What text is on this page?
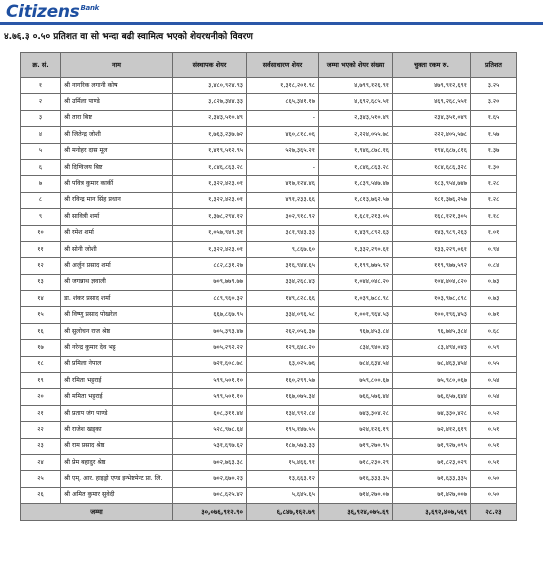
Citizens$^{Bank}$
४.७६.३ ०.५० प्रतिशत वा सो भन्दा बढी स्वामित्व भएको शेयरधनीको विवरण
क्र. सं.	नाम	संस्थापक शेयर	सर्वसाधारण शेयर	जम्मा भएको शेयर संख्या	चुक्ता रकम रु.	प्रतिशत
१	श्री नागरिक लगानी कोष	३,४८०,९२४.९३	१,३१८,२०१.९८	४,७९९,१२६.९१	४७९,९१२,६९१	३.२५
२	श्री उर्मिला पाण्डे	३,८२७,३४४.३३	८६५,३४१.१७	४,६९२,६८५.५१	४६९,२६८,५५१	३.२०
३	श्री तारा बिष्ट	२,३४३,५१०.४९	-	२,३४३,५१०.४९	२३४,३५१,०४९	१.६५
४	श्री जितेन्द्र जोशी	१,७६३,२३७.७२	४६०,८१८.०६	२,२२४,०५५.७८	२२२,४०५,५७८	१.५७
५	श्री मनोहर दास मूल	१,४१९,५१२.९५	५२७,३६५.२१	१,९४६,८७८.१६	१९४,६८७,८१६	१.३७
६	श्री दिग्विजय बिष्ट	१,८४६,८६३.२८	-	१,८४६,८६३.२८	१८४,६८६,३२८	१.३०
७	श्री पवित्र कुमार कार्की	१,३२२,४२३.०१	४१७,१२४.४६	१,८३९,५४७.४७	१८३,९५४,७४७	१.२८
८	श्री रविन्द्र मान सिंह प्रधान	१,३२२,४२३.०१	४९१,२३३.६६	१,८१३,७६२.५७	१८१,३७६,२५७	१.२८
९	श्री सावित्री शर्मा	१,३७८,२९४.१२	३०२,९१८.९२	१,६८१,२१३.०५	१६८,१२१,३०५	१.१८
१०	श्री रमेश शर्मा	१,०५७,९४९.३१	३८१,९४३.३३	१,४३९,८९२.६३	१४३,९८९,२६३	१.०१
११	श्री सोनी जोशी	१,३२२,४२३.०१	९,८६७.६०	१,३३२,२९०.६१	१३३,२२९,०६१	०.९४
१२	श्री अर्जुन प्रसाद शर्मा	८८२,८३१.२७	३१६,९४४.६५	१,१९९,७७५.९२	११९,९७७,५९२	०.८४
१३	श्री जगन्नाथ ज्ञवाली	७०९,७७९.७७	३३४,२६८.४३	१,०४४,०४८.२०	१०४,४०४,८२०	०.७३
१४	डा. शंकर प्रसाद शर्मा	८८९,९६०.३२	१४९,८२८.६६	१,०३९,७८८.९८	१०३,९७८,८९८	०.७३
१५	श्री विष्णु प्रसाद पोखरेल	६६७,८६७.९५	३३४,०९६.५८	१,००१,९६४.५३	१००,१९६,४५३	०.७१
१६	श्री सुलोचन राज श्रेष्ठ	७०५,३९३.४७	२६२,०५६.३७	९६७,४५३.८४	९६,७४५,३८४	०.६८
१७	श्री नरेन्द्र कुमार देव भट्ट	७०५,२९२.२२	१२९,६४८.२०	८३४,९४०.४३	८३,४९४,०४३	०.५९
१८	श्री प्रमिला नेपाल	७२१,६०८.७८	६३,०२५.७६	७८४,६३४.५४	७८,४६३,४५४	०.५५
१९	श्री रमिता भट्टराई	५९९,५०१.१०	१६०,२९९.५७	७५९,८००.६७	७५,९८०,०६७	०.५४
२०	श्री ममिता भट्टराई	५९९,५०१.१०	१६७,०७५.३४	७६६,५७६.४४	७६,६५७,६४४	०.५४
२१	श्री प्रताप जंग पाण्डे	६०८,३११.४४	१३४,९९२.८४	७४३,३०४.२८	७४,३३०,४२८	०.५२
२२	श्री राजेश खड्का	५२८,९७८.६४	१९५,१४७.५५	७२४,१२६.१९	७२,४१२,६१९	०.५१
२३	श्री राम प्रसाद श्रेष्ठ	५३१,६९७.६२	१८७,५७३.३३	७१९,२७०.९५	७१,९२७,०९५	०.५१
२४	श्री प्रेम बहादुर श्रेष्ठ	७०२,७६३.३८	१५,४६६.९१	७१८,२३०.२९	७१,८२३,०२९	०.५१
२५	श्री एम्. आर. हाइड्रो एण्ड इन्भेष्टमेन्ट प्रा. लि.	७०२,६७०.२३	१३,६६३.१२	७१६,३३३.३५	७१,६३३,३३५	०.५०
२६	श्री अमित कुमार सुवेदी	७०८,६२५.४२	५,६४५.६५	७१४,२७०.०७	७१,४२७,००७	०.५०
जम्मा		३०,०७६,९१२.९०	६,८४७,१६२.७९	३६,९२४,०७५.६९	३,६९२,४०७,५६९	२८.२३
